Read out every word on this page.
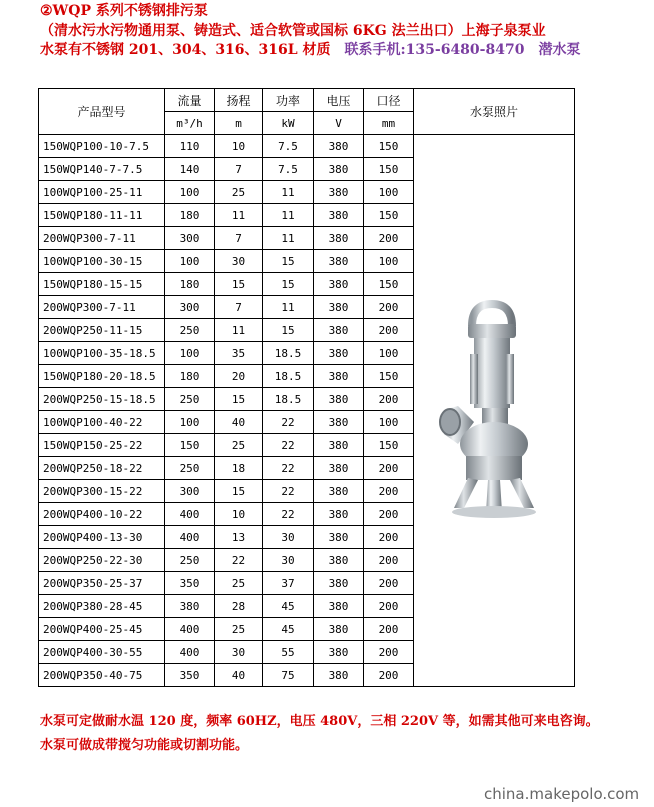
②WQP 系列不锈钢排污泵
（清水污水污物通用泵、铸造式、适合软管或国标 6KG 法兰出口）上海子泉泵业
水泵有不锈钢 201、304、316、316L 材质 联系手机:135-6480-8470 潜水泵
产品型号	流量	扬程	功率	电压	口径	水泵照片
	m³/h	m	kW	V	mm	
150WQP100-10-7.5	110	10	7.5	380	150	
150WQP140-7-7.5	140	7	7.5	380	150	
100WQP100-25-11	100	25	11	380	100	
150WQP180-11-11	180	11	11	380	150	
200WQP300-7-11	300	7	11	380	200	
100WQP100-30-15	100	30	15	380	100	
150WQP180-15-15	180	15	15	380	150	
200WQP300-7-11	300	7	11	380	200	
200WQP250-11-15	250	11	15	380	200	
100WQP100-35-18.5	100	35	18.5	380	100	
150WQP180-20-18.5	180	20	18.5	380	150	
200WQP250-15-18.5	250	15	18.5	380	200	
100WQP100-40-22	100	40	22	380	100	
150WQP150-25-22	150	25	22	380	150	
200WQP250-18-22	250	18	22	380	200	
200WQP300-15-22	300	15	22	380	200	
200WQP400-10-22	400	10	22	380	200	
200WQP400-13-30	400	13	30	380	200	
200WQP250-22-30	250	22	30	380	200	
200WQP350-25-37	350	25	37	380	200	
200WQP380-28-45	380	28	45	380	200	
200WQP400-25-45	400	25	45	380	200	
200WQP400-30-55	400	30	55	380	200	
200WQP350-40-75	350	40	75	380	200	
水泵可定做耐水温 120 度，频率 60HZ，电压 480V，三相 220V 等，如需其他可来电咨询。
水泵可做成带搅匀功能或切割功能。
china.makepolo.com
